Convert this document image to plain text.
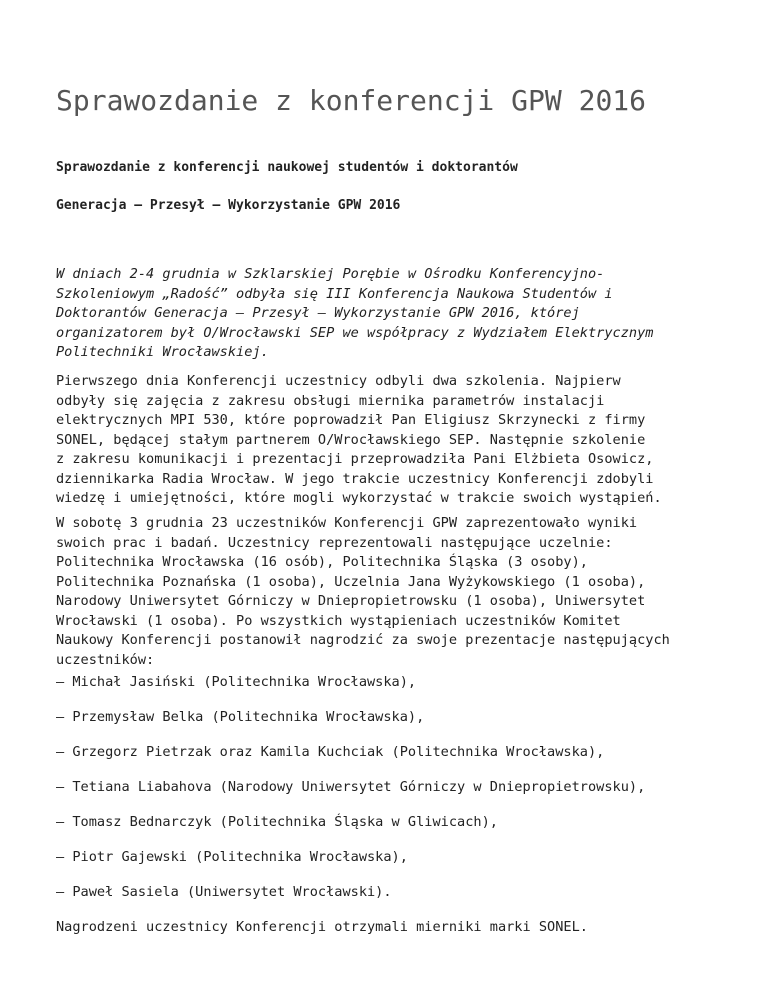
Sprawozdanie z konferencji GPW 2016

Sprawozdanie z konferencji naukowej studentów i doktorantów

Generacja – Przesył – Wykorzystanie GPW 2016

W dniach 2-4 grudnia w Szklarskiej Porębie w Ośrodku Konferencyjno-
Szkoleniowym „Radość” odbyła się III Konferencja Naukowa Studentów i
Doktorantów Generacja – Przesył – Wykorzystanie GPW 2016, której
organizatorem był O/Wrocławski SEP we współpracy z Wydziałem Elektrycznym
Politechniki Wrocławskiej.

Pierwszego dnia Konferencji uczestnicy odbyli dwa szkolenia. Najpierw
odbyły się zajęcia z zakresu obsługi miernika parametrów instalacji
elektrycznych MPI 530, które poprowadził Pan Eligiusz Skrzynecki z firmy
SONEL, będącej stałym partnerem O/Wrocławskiego SEP. Następnie szkolenie
z zakresu komunikacji i prezentacji przeprowadziła Pani Elżbieta Osowicz,
dziennikarka Radia Wrocław. W jego trakcie uczestnicy Konferencji zdobyli
wiedzę i umiejętności, które mogli wykorzystać w trakcie swoich wystąpień.

W sobotę 3 grudnia 23 uczestników Konferencji GPW zaprezentowało wyniki
swoich prac i badań. Uczestnicy reprezentowali następujące uczelnie:
Politechnika Wrocławska (16 osób), Politechnika Śląska (3 osoby),
Politechnika Poznańska (1 osoba), Uczelnia Jana Wyżykowskiego (1 osoba),
Narodowy Uniwersytet Górniczy w Dniepropietrowsku (1 osoba), Uniwersytet
Wrocławski (1 osoba). Po wszystkich wystąpieniach uczestników Komitet
Naukowy Konferencji postanowił nagrodzić za swoje prezentacje następujących
uczestników:

– Michał Jasiński (Politechnika Wrocławska),

– Przemysław Belka (Politechnika Wrocławska),

– Grzegorz Pietrzak oraz Kamila Kuchciak (Politechnika Wrocławska),

– Tetiana Liabahova (Narodowy Uniwersytet Górniczy w Dniepropietrowsku),

– Tomasz Bednarczyk (Politechnika Śląska w Gliwicach),

– Piotr Gajewski (Politechnika Wrocławska),

– Paweł Sasiela (Uniwersytet Wrocławski).

Nagrodzeni uczestnicy Konferencji otrzymali mierniki marki SONEL.
